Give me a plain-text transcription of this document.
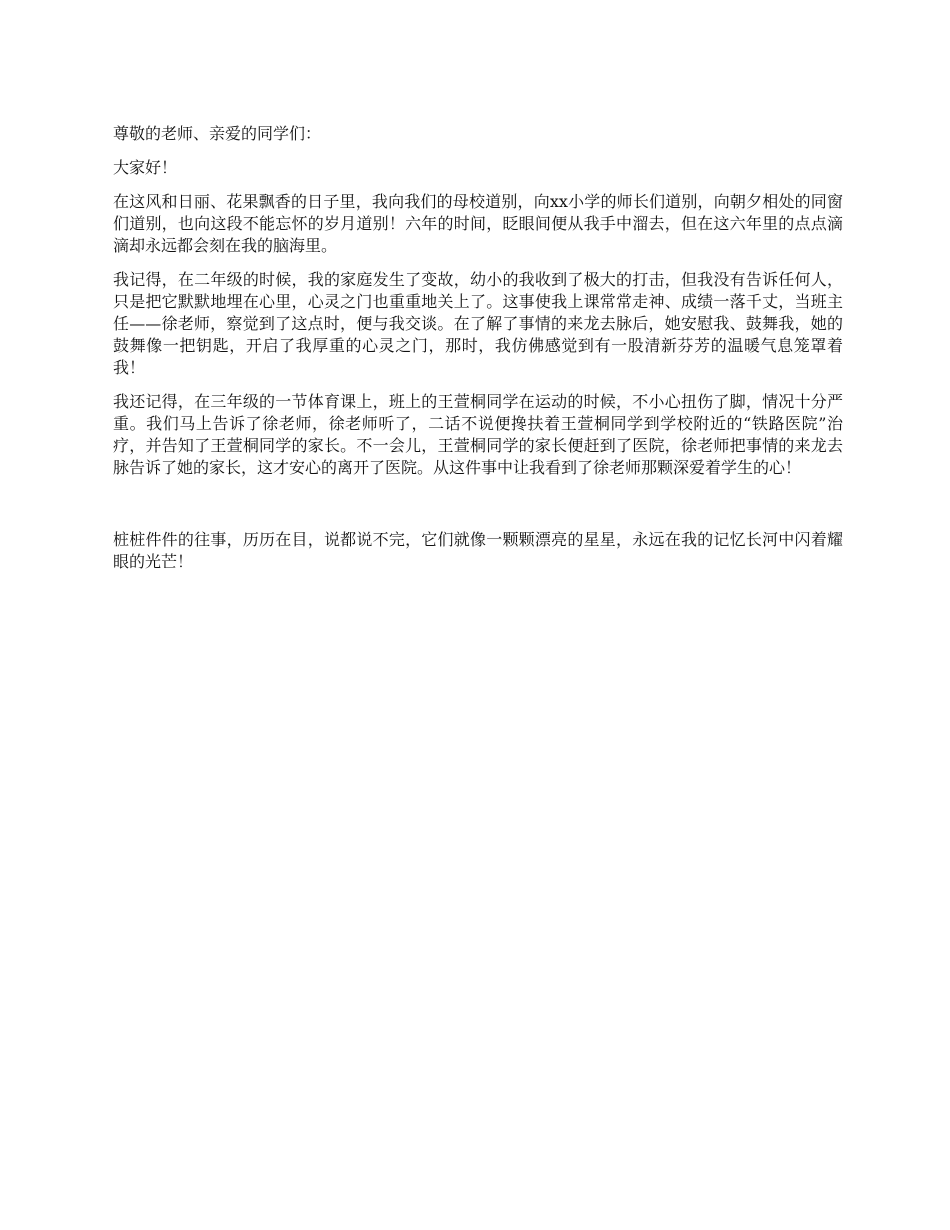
尊敬的老师、亲爱的同学们：

大家好！

在这风和日丽、花果飘香的日子里，我向我们的母校道别，向xx小学的师长们道别，向朝夕相处的同窗们道别，也向这段不能忘怀的岁月道别！六年的时间，眨眼间便从我手中溜去，但在这六年里的点点滴滴却永远都会刻在我的脑海里。

我记得，在二年级的时候，我的家庭发生了变故，幼小的我收到了极大的打击，但我没有告诉任何人，只是把它默默地埋在心里，心灵之门也重重地关上了。这事使我上课常常走神、成绩一落千丈，当班主任——徐老师，察觉到了这点时，便与我交谈。在了解了事情的来龙去脉后，她安慰我、鼓舞我，她的鼓舞像一把钥匙，开启了我厚重的心灵之门，那时，我仿佛感觉到有一股清新芬芳的温暖气息笼罩着我！

我还记得，在三年级的一节体育课上，班上的王萱桐同学在运动的时候，不小心扭伤了脚，情况十分严重。我们马上告诉了徐老师，徐老师听了，二话不说便搀扶着王萱桐同学到学校附近的“铁路医院”治疗，并告知了王萱桐同学的家长。不一会儿，王萱桐同学的家长便赶到了医院，徐老师把事情的来龙去脉告诉了她的家长，这才安心的离开了医院。从这件事中让我看到了徐老师那颗深爱着学生的心！

桩桩件件的往事，历历在目，说都说不完，它们就像一颗颗漂亮的星星，永远在我的记忆长河中闪着耀眼的光芒！
